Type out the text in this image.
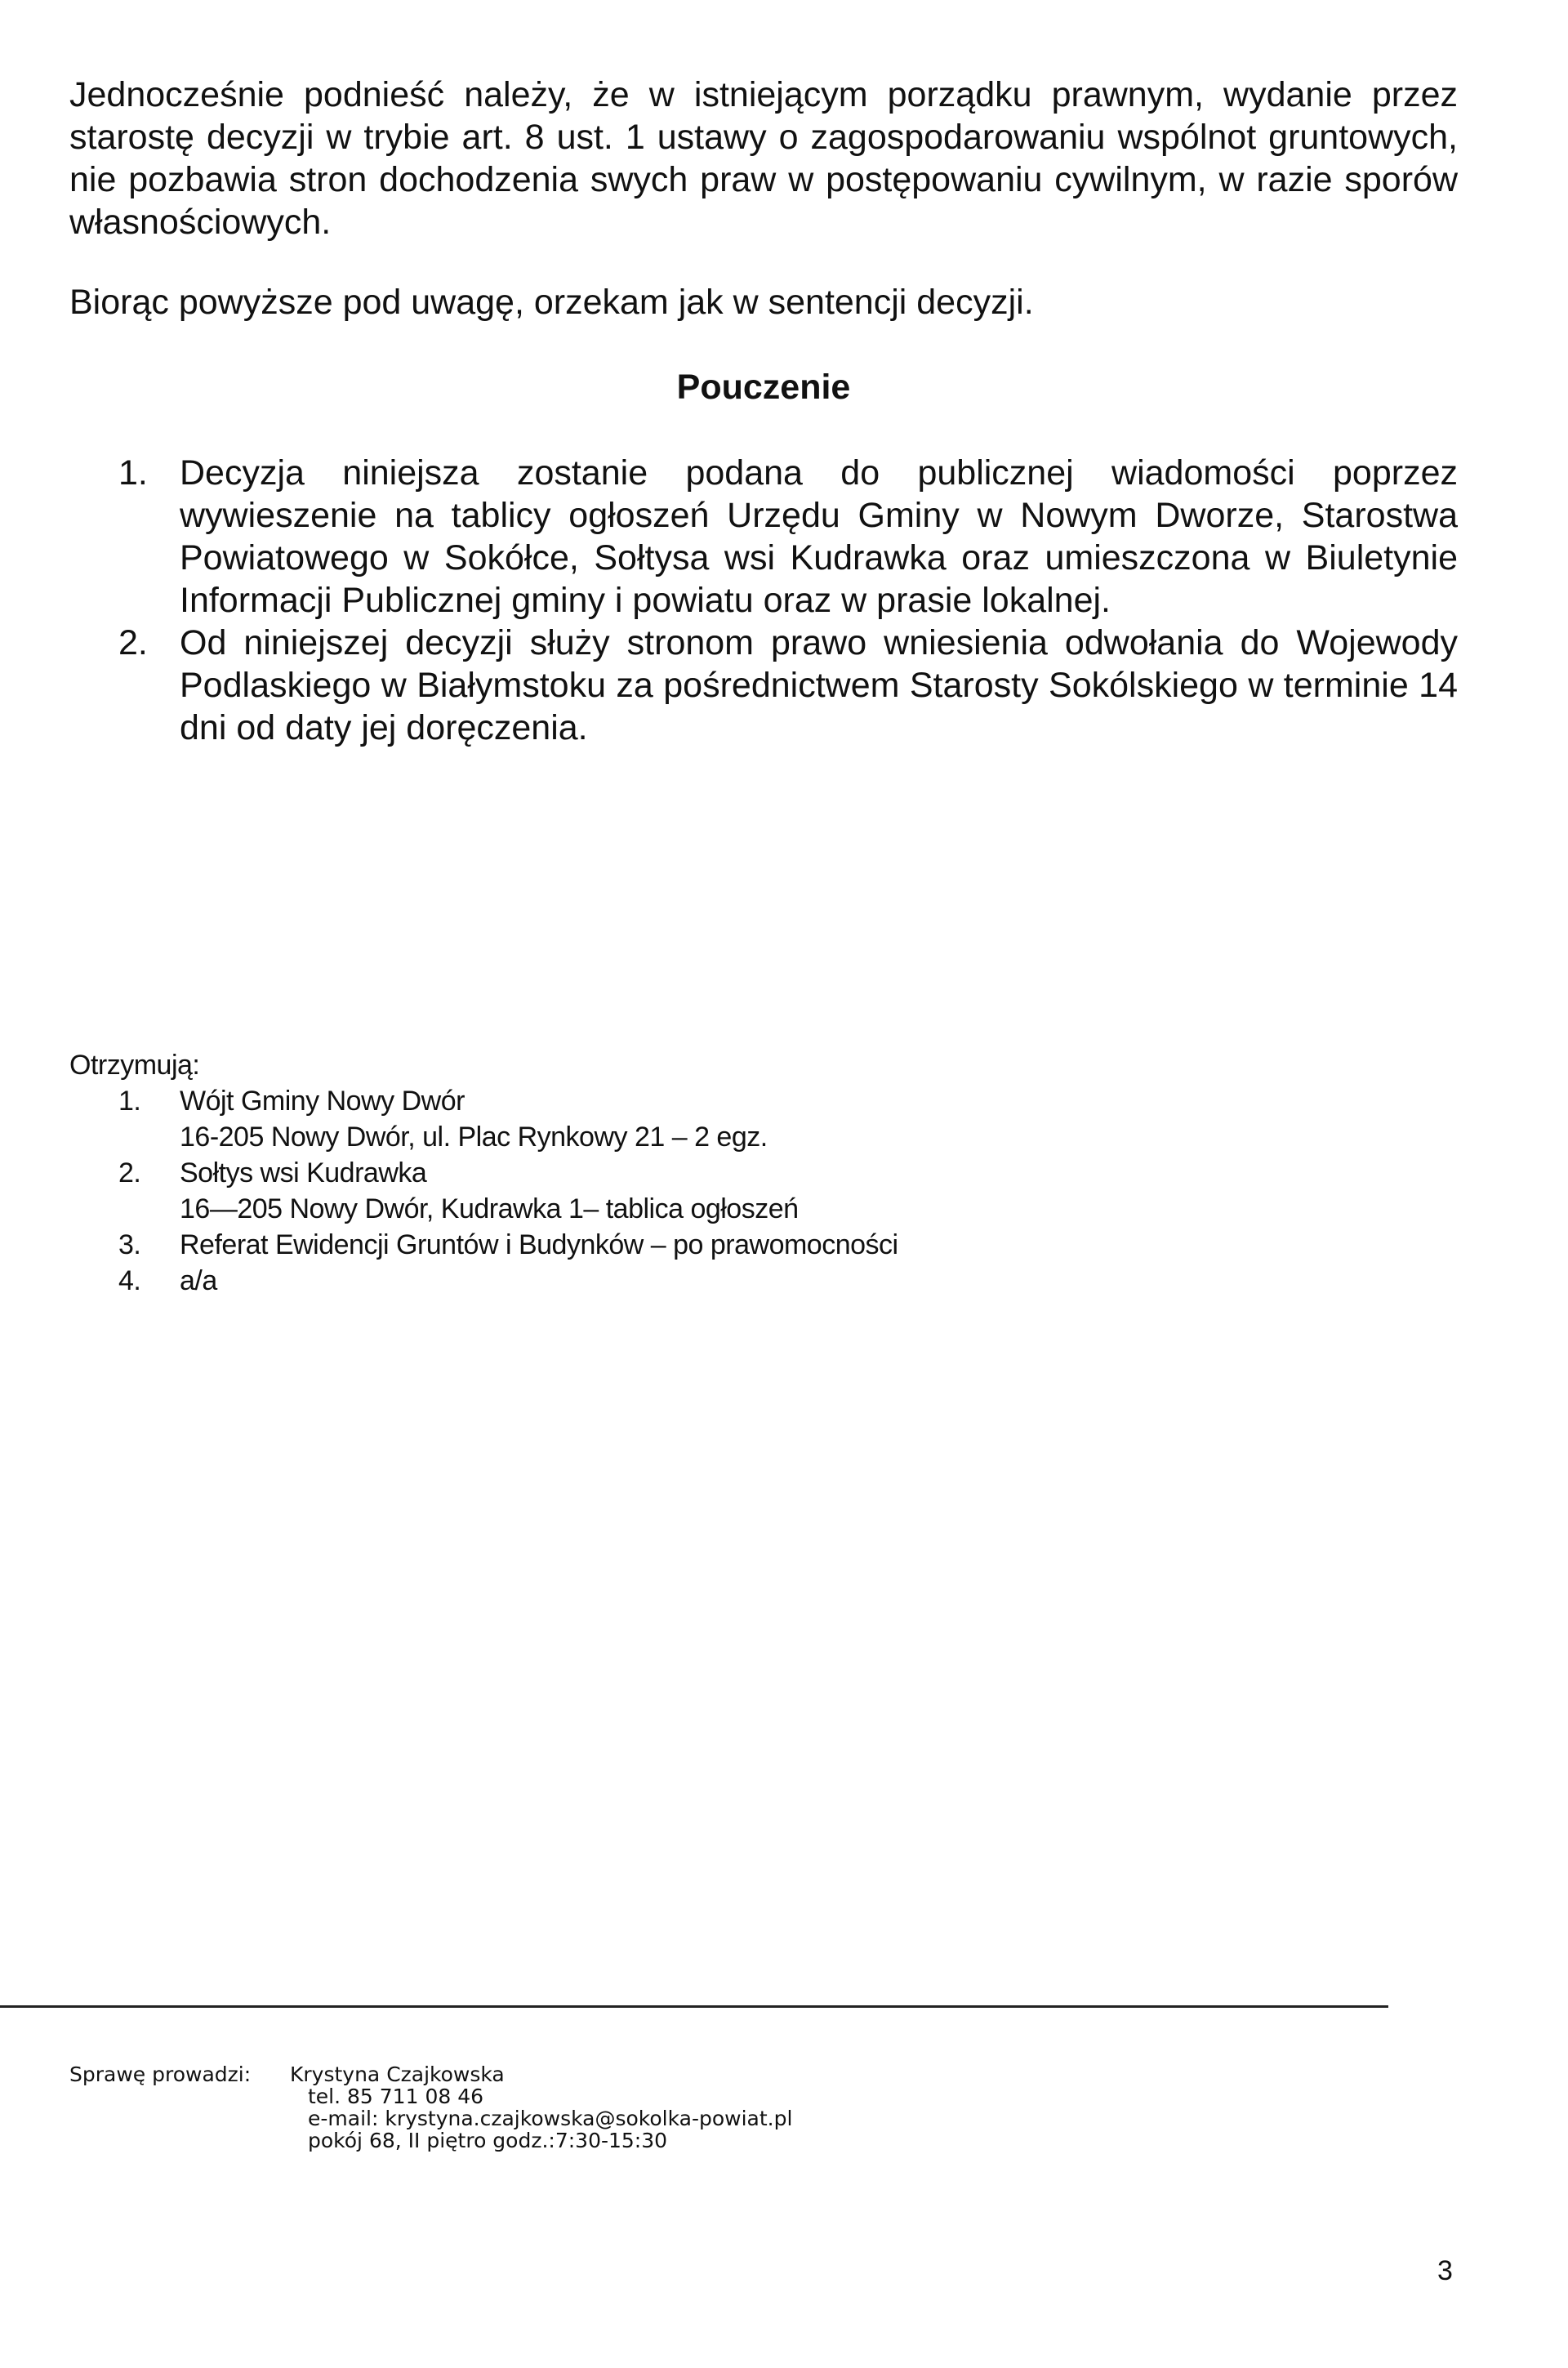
Jednocześnie podnieść należy, że w istniejącym porządku prawnym, wydanie przez starostę decyzji w trybie art. 8 ust. 1 ustawy o zagospodarowaniu wspólnot gruntowych, nie pozbawia stron dochodzenia swych praw w postępowaniu cywilnym, w razie sporów własnościowych.

Biorąc powyższe pod uwagę, orzekam jak w sentencji decyzji.

Pouczenie
1. Decyzja niniejsza zostanie podana do publicznej wiadomości poprzez wywieszenie na tablicy ogłoszeń Urzędu Gminy w Nowym Dworze, Starostwa Powiatowego w Sokółce, Sołtysa wsi Kudrawka oraz umieszczona w Biuletynie Informacji Publicznej gminy i powiatu oraz w prasie lokalnej.
2. Od niniejszej decyzji służy stronom prawo wniesienia odwołania do Wojewody Podlaskiego w Białymstoku za pośrednictwem Starosty Sokólskiego w terminie 14 dni od daty jej doręczenia.

Otrzymują:

1. Wójt Gminy Nowy Dwór
16-205 Nowy Dwór, ul. Plac Rynkowy 21 – 2 egz.
2. Sołtys wsi Kudrawka
16—205 Nowy Dwór, Kudrawka 1– tablica ogłoszeń
3. Referat Ewidencji Gruntów i Budynków – po prawomocności
4. a/a
Sprawę prowadzi: Krystyna Czajkowska
tel. 85 711 08 46
e-mail: krystyna.czajkowska@sokolka-powiat.pl
pokój 68, II piętro godz.:7:30-15:30
3
